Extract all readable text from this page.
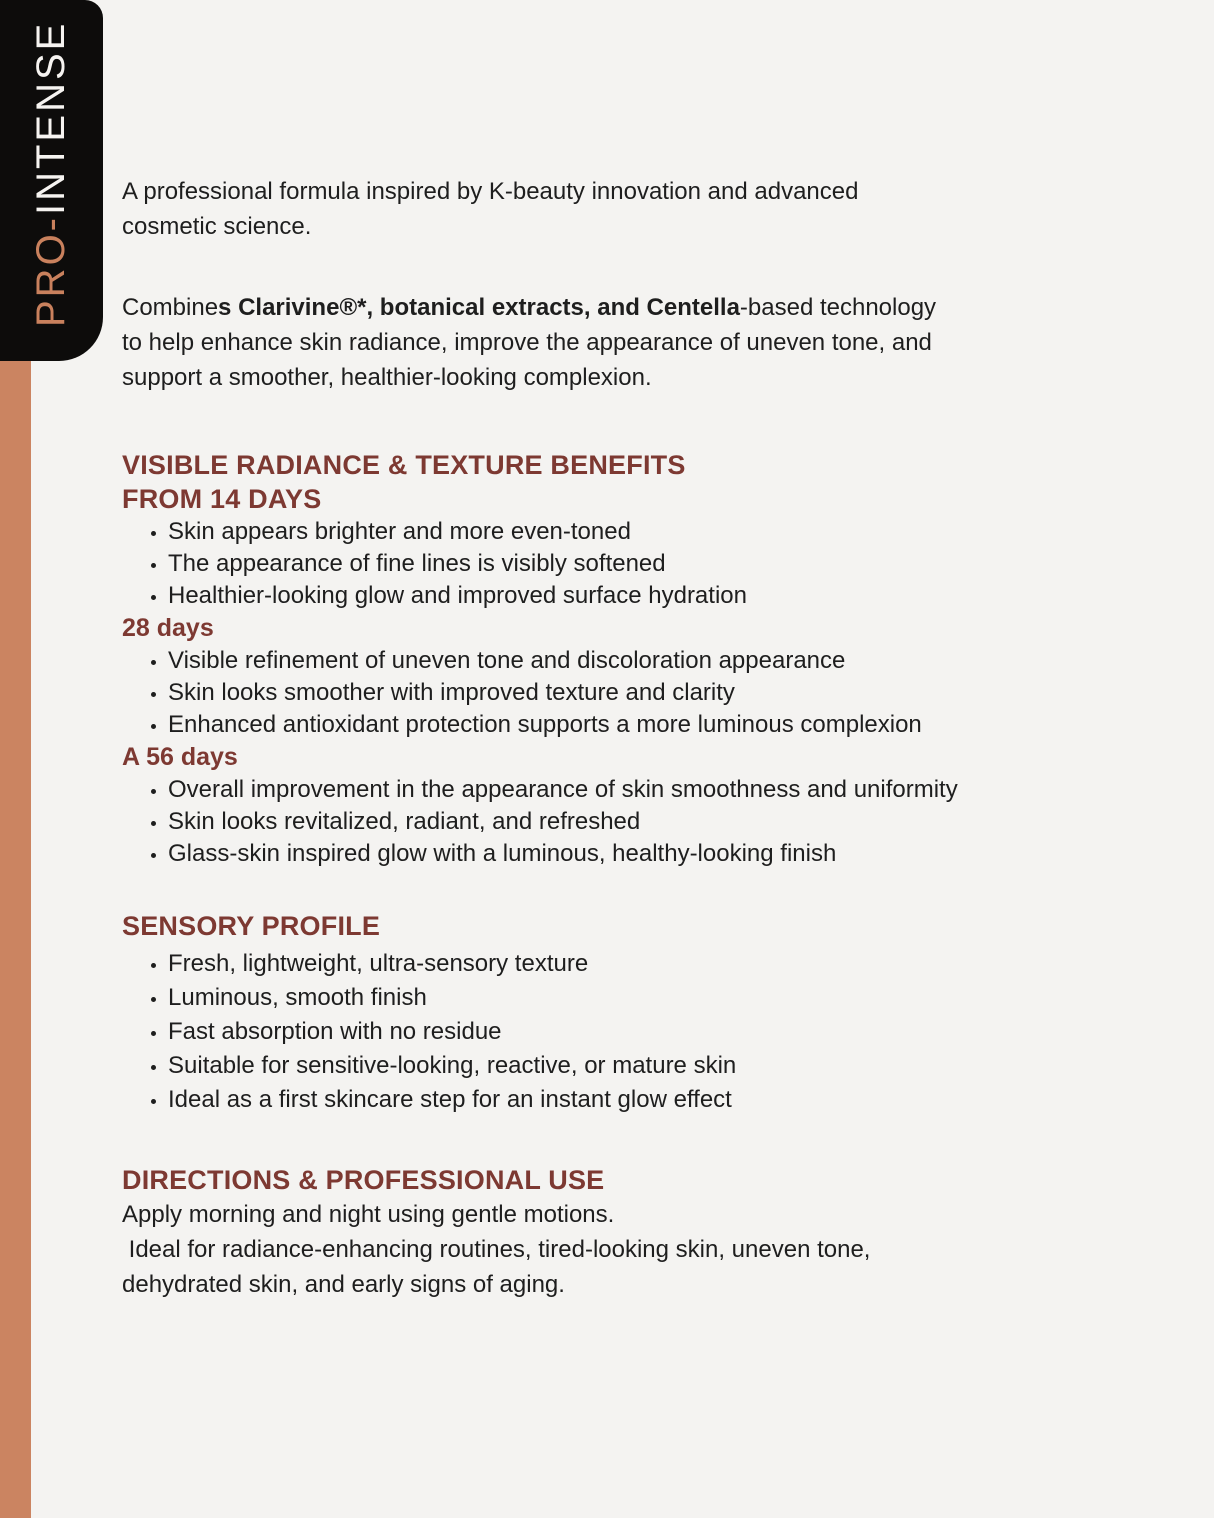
PRO-
INTENSE A professional formula inspired by K-beauty innovation and advanced
cosmetic science.
Combines Clarivine®*, botanical extracts, and Centella-based technology
to help enhance skin radiance, improve the appearance of uneven tone, and
support a smoother, healthier-looking complexion.
VISIBLE RADIANCE & TEXTURE BENEFITS
FROM 14 DAYS
• Skin appears brighter and more even-toned
• The appearance of fine lines is visibly softened
• Healthier-looking glow and improved surface hydration
28 days
• Visible refinement of uneven tone and discoloration appearance
• Skin looks smoother with improved texture and clarity
• Enhanced antioxidant protection supports a more luminous complexion
A 56 days
• Overall improvement in the appearance of skin smoothness and uniformity
• Skin looks revitalized, radiant, and refreshed
• Glass-skin inspired glow with a luminous, healthy-looking finish
SENSORY PROFILE
• Fresh, lightweight, ultra-sensory texture
• Luminous, smooth finish
• Fast absorption with no residue
• Suitable for sensitive-looking, reactive, or mature skin
• Ideal as a first skincare step for an instant glow effect
DIRECTIONS & PROFESSIONAL USE
Apply morning and night using gentle motions.
Ideal for radiance-enhancing routines, tired-looking skin, uneven tone,
dehydrated skin, and early signs of aging.
